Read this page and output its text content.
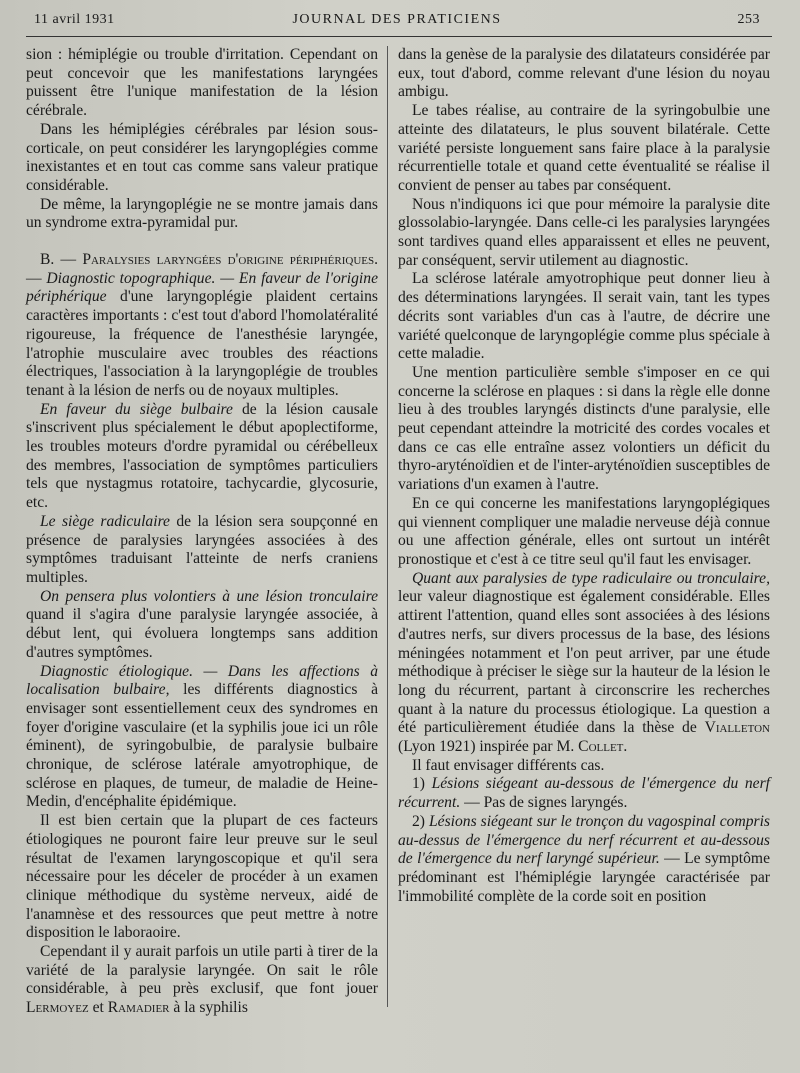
11 avril 1931	JOURNAL DES PRATICIENS	253

sion : hémiplégie ou trouble d'irritation. Cependant on peut concevoir que les manifestations laryngées puissent être l'unique manifestation de la lésion cérébrale.

Dans les hémiplégies cérébrales par lésion sous-corticale, on peut considérer les laryngoplégies comme inexistantes et en tout cas comme sans valeur pratique considérable.

De même, la laryngoplégie ne se montre jamais dans un syndrome extra-pyramidal pur.

B. — Paralysies laryngées d'origine périphériques. — Diagnostic topographique. — En faveur de l'origine périphérique d'une laryngoplégie plaident certains caractères importants : c'est tout d'abord l'homolatéralité rigoureuse, la fréquence de l'anesthésie laryngée, l'atrophie musculaire avec troubles des réactions électriques, l'association à la laryngoplégie de troubles tenant à la lésion de nerfs ou de noyaux multiples.

En faveur du siège bulbaire de la lésion causale s'inscrivent plus spécialement le début apoplectiforme, les troubles moteurs d'ordre pyramidal ou cérébelleux des membres, l'association de symptômes particuliers tels que nystagmus rotatoire, tachycardie, glycosurie, etc.

Le siège radiculaire de la lésion sera soupçonné en présence de paralysies laryngées associées à des symptômes traduisant l'atteinte de nerfs craniens multiples.

On pensera plus volontiers à une lésion tronculaire quand il s'agira d'une paralysie laryngée associée, à début lent, qui évoluera longtemps sans addition d'autres symptômes.

Diagnostic étiologique. — Dans les affections à localisation bulbaire, les différents diagnostics à envisager sont essentiellement ceux des syndromes en foyer d'origine vasculaire (et la syphilis joue ici un rôle éminent), de syringobulbie, de paralysie bulbaire chronique, de sclérose latérale amyotrophique, de sclérose en plaques, de tumeur, de maladie de Heine-Medin, d'encéphalite épidémique.

Il est bien certain que la plupart de ces facteurs étiologiques ne pouront faire leur preuve sur le seul résultat de l'examen laryngoscopique et qu'il sera nécessaire pour les déceler de procéder à un examen clinique méthodique du système nerveux, aidé de l'anamnèse et des ressources que peut mettre à notre disposition le laboraoire.

Cependant il y aurait parfois un utile parti à tirer de la variété de la paralysie laryngée. On sait le rôle considérable, à peu près exclusif, que font jouer Lermoyez et Ramadier à la syphilis

dans la genèse de la paralysie des dilatateurs considérée par eux, tout d'abord, comme relevant d'une lésion du noyau ambigu.

Le tabes réalise, au contraire de la syringobulbie une atteinte des dilatateurs, le plus souvent bilatérale. Cette variété persiste longuement sans faire place à la paralysie récurrentielle totale et quand cette éventualité se réalise il convient de penser au tabes par conséquent.

Nous n'indiquons ici que pour mémoire la paralysie dite glossolabio-laryngée. Dans celle-ci les paralysies laryngées sont tardives quand elles apparaissent et elles ne peuvent, par conséquent, servir utilement au diagnostic.

La sclérose latérale amyotrophique peut donner lieu à des déterminations laryngées. Il serait vain, tant les types décrits sont variables d'un cas à l'autre, de décrire une variété quelconque de laryngoplégie comme plus spéciale à cette maladie.

Une mention particulière semble s'imposer en ce qui concerne la sclérose en plaques : si dans la règle elle donne lieu à des troubles laryngés distincts d'une paralysie, elle peut cependant atteindre la motricité des cordes vocales et dans ce cas elle entraîne assez volontiers un déficit du thyro-aryténoïdien et de l'inter-aryténoïdien susceptibles de variations d'un examen à l'autre.

En ce qui concerne les manifestations laryngoplégiques qui viennent compliquer une maladie nerveuse déjà connue ou une affection générale, elles ont surtout un intérêt pronostique et c'est à ce titre seul qu'il faut les envisager.

Quant aux paralysies de type radiculaire ou tronculaire, leur valeur diagnostique est également considérable. Elles attirent l'attention, quand elles sont associées à des lésions d'autres nerfs, sur divers processus de la base, des lésions méningées notamment et l'on peut arriver, par une étude méthodique à préciser le siège sur la hauteur de la lésion le long du récurrent, partant à circonscrire les recherches quant à la nature du processus étiologique. La question a été particulièrement étudiée dans la thèse de Vialleton (Lyon 1921) inspirée par M. Collet.

Il faut envisager différents cas.

1) Lésions siégeant au-dessous de l'émergence du nerf récurrent. — Pas de signes laryngés.

2) Lésions siégeant sur le tronçon du vagospinal compris au-dessus de l'émergence du nerf récurrent et au-dessous de l'émergence du nerf laryngé supérieur. — Le symptôme prédominant est l'hémiplégie laryngée caractérisée par l'immobilité complète de la corde soit en position
